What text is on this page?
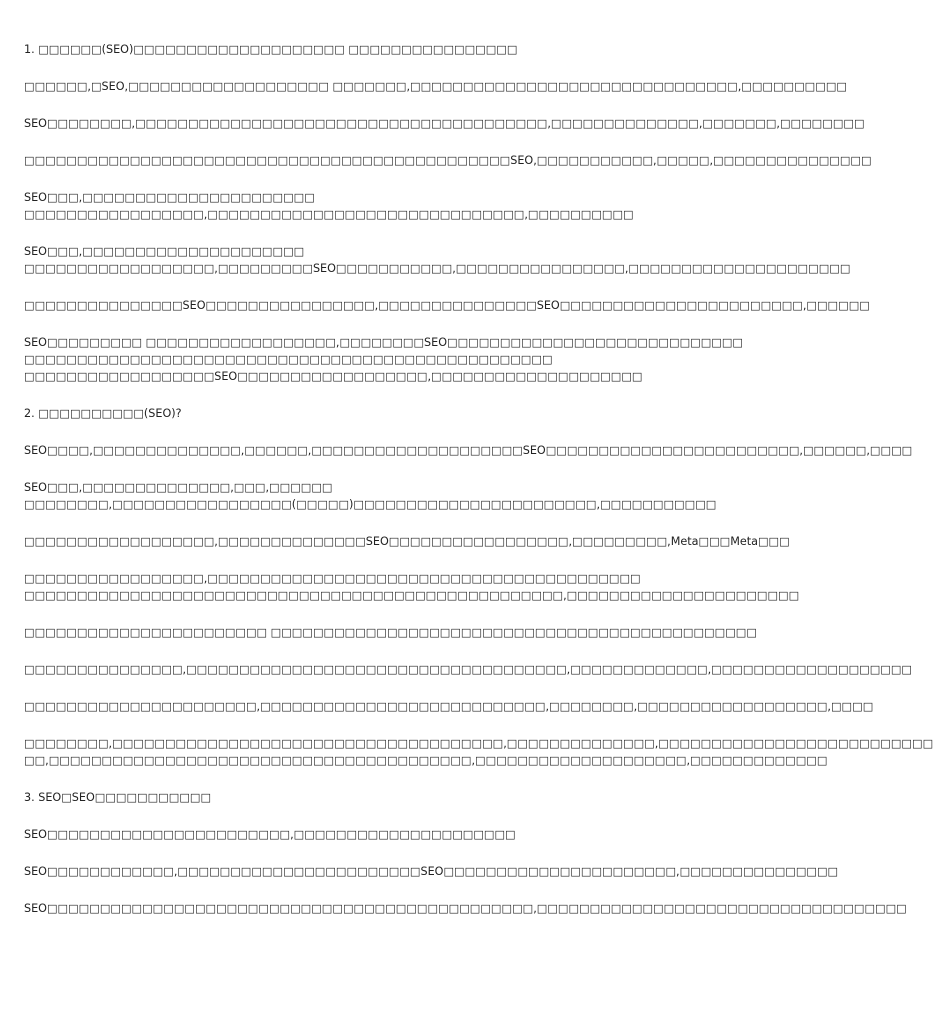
1. □□□□□□(SEO)□□□□□□□□□□□□□□□□□□□□ □□□□□□□□□□□□□□□□
□□□□□□,□SEO,□□□□□□□□□□□□□□□□□□□ □□□□□□□,□□□□□□□□□□□□□□□□□□□□□□□□□□□□□□□,□□□□□□□□□□
SEO□□□□□□□□,□□□□□□□□□□□□□□□□□□□□□□□□□□□□□□□□□□□□□□□,□□□□□□□□□□□□□□,□□□□□□□,□□□□□□□□
□□□□□□□□□□□□□□□□□□□□□□□□□□□□□□□□□□□□□□□□□□□□□□SEO,□□□□□□□□□□□,□□□□□,□□□□□□□□□□□□□□□
SEO□□□,□□□□□□□□□□□□□□□□□□□□□□
□□□□□□□□□□□□□□□□□,□□□□□□□□□□□□□□□□□□□□□□□□□□□□□□,□□□□□□□□□□
SEO□□□,□□□□□□□□□□□□□□□□□□□□□
□□□□□□□□□□□□□□□□□□,□□□□□□□□□SEO□□□□□□□□□□□,□□□□□□□□□□□□□□□□,□□□□□□□□□□□□□□□□□□□□□
□□□□□□□□□□□□□□□SEO□□□□□□□□□□□□□□□□,□□□□□□□□□□□□□□□SEO□□□□□□□□□□□□□□□□□□□□□□□,□□□□□□
SEO□□□□□□□□□ □□□□□□□□□□□□□□□□□□,□□□□□□□□SEO□□□□□□□□□□□□□□□□□□□□□□□□□□□□
□□□□□□□□□□□□□□□□□□□□□□□□□□□□□□□□□□□□□□□□□□□□□□□□□□
□□□□□□□□□□□□□□□□□□SEO□□□□□□□□□□□□□□□□□□,□□□□□□□□□□□□□□□□□□□□
2. □□□□□□□□□□(SEO)?
SEO□□□□,□□□□□□□□□□□□□□,□□□□□□,□□□□□□□□□□□□□□□□□□□□SEO□□□□□□□□□□□□□□□□□□□□□□□□,□□□□□□,□□□□
SEO□□□,□□□□□□□□□□□□□□,□□□,□□□□□□
□□□□□□□□,□□□□□□□□□□□□□□□□□(□□□□□)□□□□□□□□□□□□□□□□□□□□□□□,□□□□□□□□□□□
□□□□□□□□□□□□□□□□□□,□□□□□□□□□□□□□□SEO□□□□□□□□□□□□□□□□□,□□□□□□□□□,Meta□□□Meta□□□
□□□□□□□□□□□□□□□□□,□□□□□□□□□□□□□□□□□□□□□□□□□□□□□□□□□□□□□□□□□
□□□□□□□□□□□□□□□□□□□□□□□□□□□□□□□□□□□□□□□□□□□□□□□□□□□,□□□□□□□□□□□□□□□□□□□□□□
□□□□□□□□□□□□□□□□□□□□□□□ □□□□□□□□□□□□□□□□□□□□□□□□□□□□□□□□□□□□□□□□□□□□□□
□□□□□□□□□□□□□□□,□□□□□□□□□□□□□□□□□□□□□□□□□□□□□□□□□□□□,□□□□□□□□□□□□□,□□□□□□□□□□□□□□□□□□□
□□□□□□□□□□□□□□□□□□□□□□,□□□□□□□□□□□□□□□□□□□□□□□□□□□,□□□□□□□□,□□□□□□□□□□□□□□□□□□,□□□□
□□□□□□□□,□□□□□□□□□□□□□□□□□□□□□□□□□□□□□□□□□□□□□,□□□□□□□□□□□□□□,□□□□□□□□□□□□□□□□□□□□□□□□□□
□□,□□□□□□□□□□□□□□□□□□□□□□□□□□□□□□□□□□□□□□□□,□□□□□□□□□□□□□□□□□□□□,□□□□□□□□□□□□□
3. SEO□SEO□□□□□□□□□□□
SEO□□□□□□□□□□□□□□□□□□□□□□□,□□□□□□□□□□□□□□□□□□□□□
SEO□□□□□□□□□□□□,□□□□□□□□□□□□□□□□□□□□□□□SEO□□□□□□□□□□□□□□□□□□□□□□,□□□□□□□□□□□□□□□
SEO□□□□□□□□□□□□□□□□□□□□□□□□□□□□□□□□□□□□□□□□□□□□□□,□□□□□□□□□□□□□□□□□□□□□□□□□□□□□□□□□□□
